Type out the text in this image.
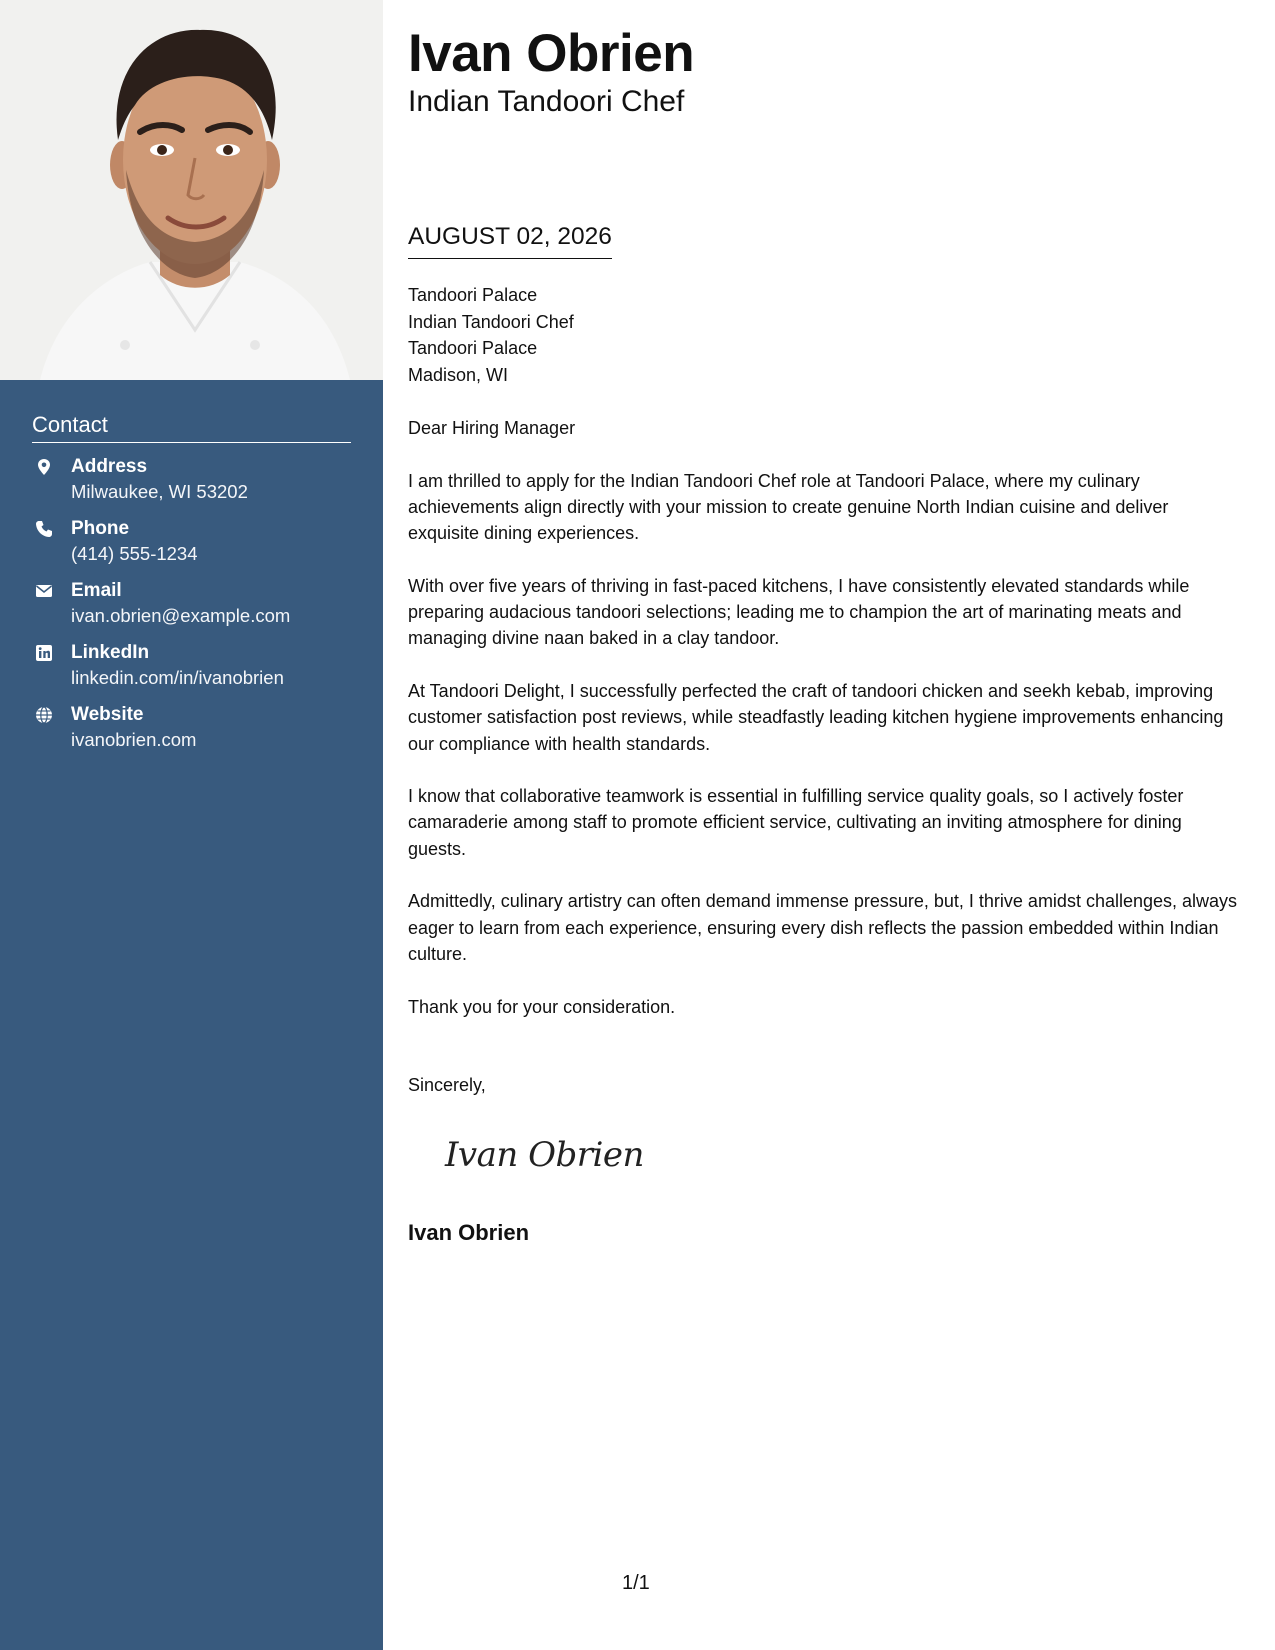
Contact
Address
Milwaukee, WI 53202
Phone
(414) 555-1234
Email
ivan.obrien@example.com
LinkedIn
linkedin.com/in/ivanobrien
Website
ivanobrien.com
Ivan Obrien
Indian Tandoori Chef
AUGUST 02, 2026
Tandoori Palace
Indian Tandoori Chef
Tandoori Palace
Madison, WI

Dear Hiring Manager

I am thrilled to apply for the Indian Tandoori Chef role at Tandoori Palace, where my culinary achievements align directly with your mission to create genuine North Indian cuisine and deliver exquisite dining experiences.

With over five years of thriving in fast-paced kitchens, I have consistently elevated standards while preparing audacious tandoori selections; leading me to champion the art of marinating meats and managing divine naan baked in a clay tandoor.

At Tandoori Delight, I successfully perfected the craft of tandoori chicken and seekh kebab, improving customer satisfaction post reviews, while steadfastly leading kitchen hygiene improvements enhancing our compliance with health standards.

I know that collaborative teamwork is essential in fulfilling service quality goals, so I actively foster camaraderie among staff to promote efficient service, cultivating an inviting atmosphere for dining guests.

Admittedly, culinary artistry can often demand immense pressure, but, I thrive amidst challenges, always eager to learn from each experience, ensuring every dish reflects the passion embedded within Indian culture.

Thank you for your consideration.

Sincerely,
Ivan Obrien
Ivan Obrien
1/1
